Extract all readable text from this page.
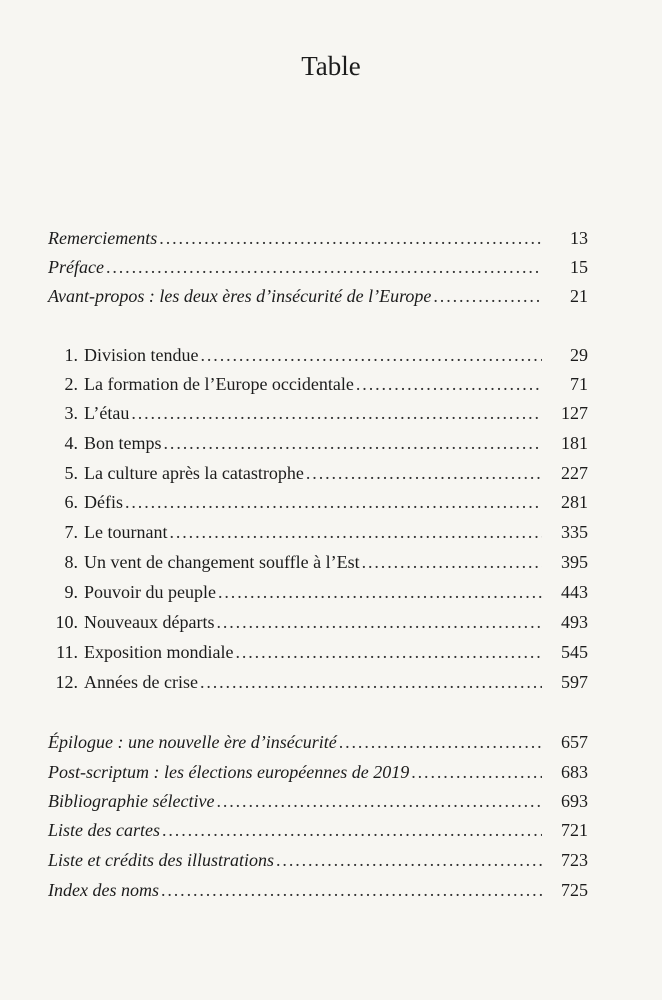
Table
Remerciements . . .	13
Préface . . .	15
Avant-propos : les deux ères d’insécurité de l’Europe . . .	21
1. Division tendue . . .	29
2. La formation de l’Europe occidentale . . .	71
3. L’étau . . .	127
4. Bon temps . . .	181
5. La culture après la catastrophe . . .	227
6. Défis . . .	281
7. Le tournant . . .	335
8. Un vent de changement souffle à l’Est . . .	395
9. Pouvoir du peuple . . .	443
10. Nouveaux départs . . .	493
11. Exposition mondiale . . .	545
12. Années de crise . . .	597
Épilogue : une nouvelle ère d’insécurité . . .	657
Post-scriptum : les élections européennes de 2019 . . .	683
Bibliographie sélective . . .	693
Liste des cartes . . .	721
Liste et crédits des illustrations . . .	723
Index des noms . . .	725
